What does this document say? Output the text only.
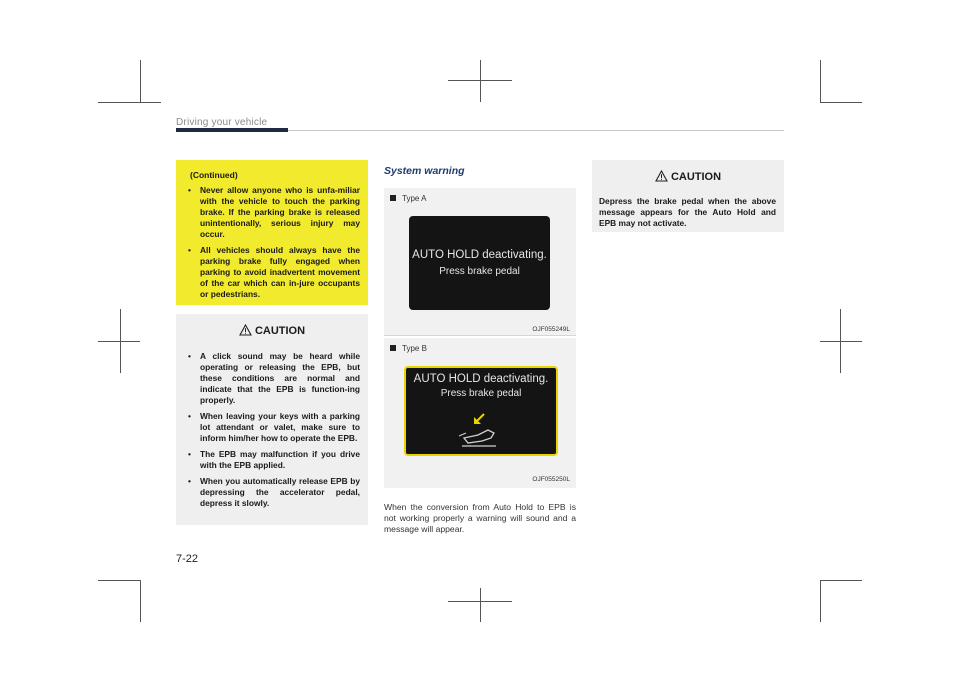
Driving your vehicle
(Continued)
• Never allow anyone who is unfa-miliar with the vehicle to touch the parking brake. If the parking brake is released unintentionally, serious injury may occur.
• All vehicles should always have the parking brake fully engaged when parking to avoid inadvertent movement of the car which can in-jure occupants or pedestrians.
CAUTION
• A click sound may be heard while operating or releasing the EPB, but these conditions are normal and indicate that the EPB is function-ing properly.
• When leaving your keys with a parking lot attendant or valet, make sure to inform him/her how to operate the EPB.
• The EPB may malfunction if you drive with the EPB applied.
• When you automatically release EPB by depressing the accelerator pedal, depress it slowly.
System warning
Type A
AUTO HOLD deactivating.
Press brake pedal
OJF055249L
Type B
AUTO HOLD deactivating.
Press brake pedal
OJF055250L
When the conversion from Auto Hold to EPB is not working properly a warning will sound and a message will appear.
CAUTION
Depress the brake pedal when the above message appears for the Auto Hold and EPB may not activate.
7-22
